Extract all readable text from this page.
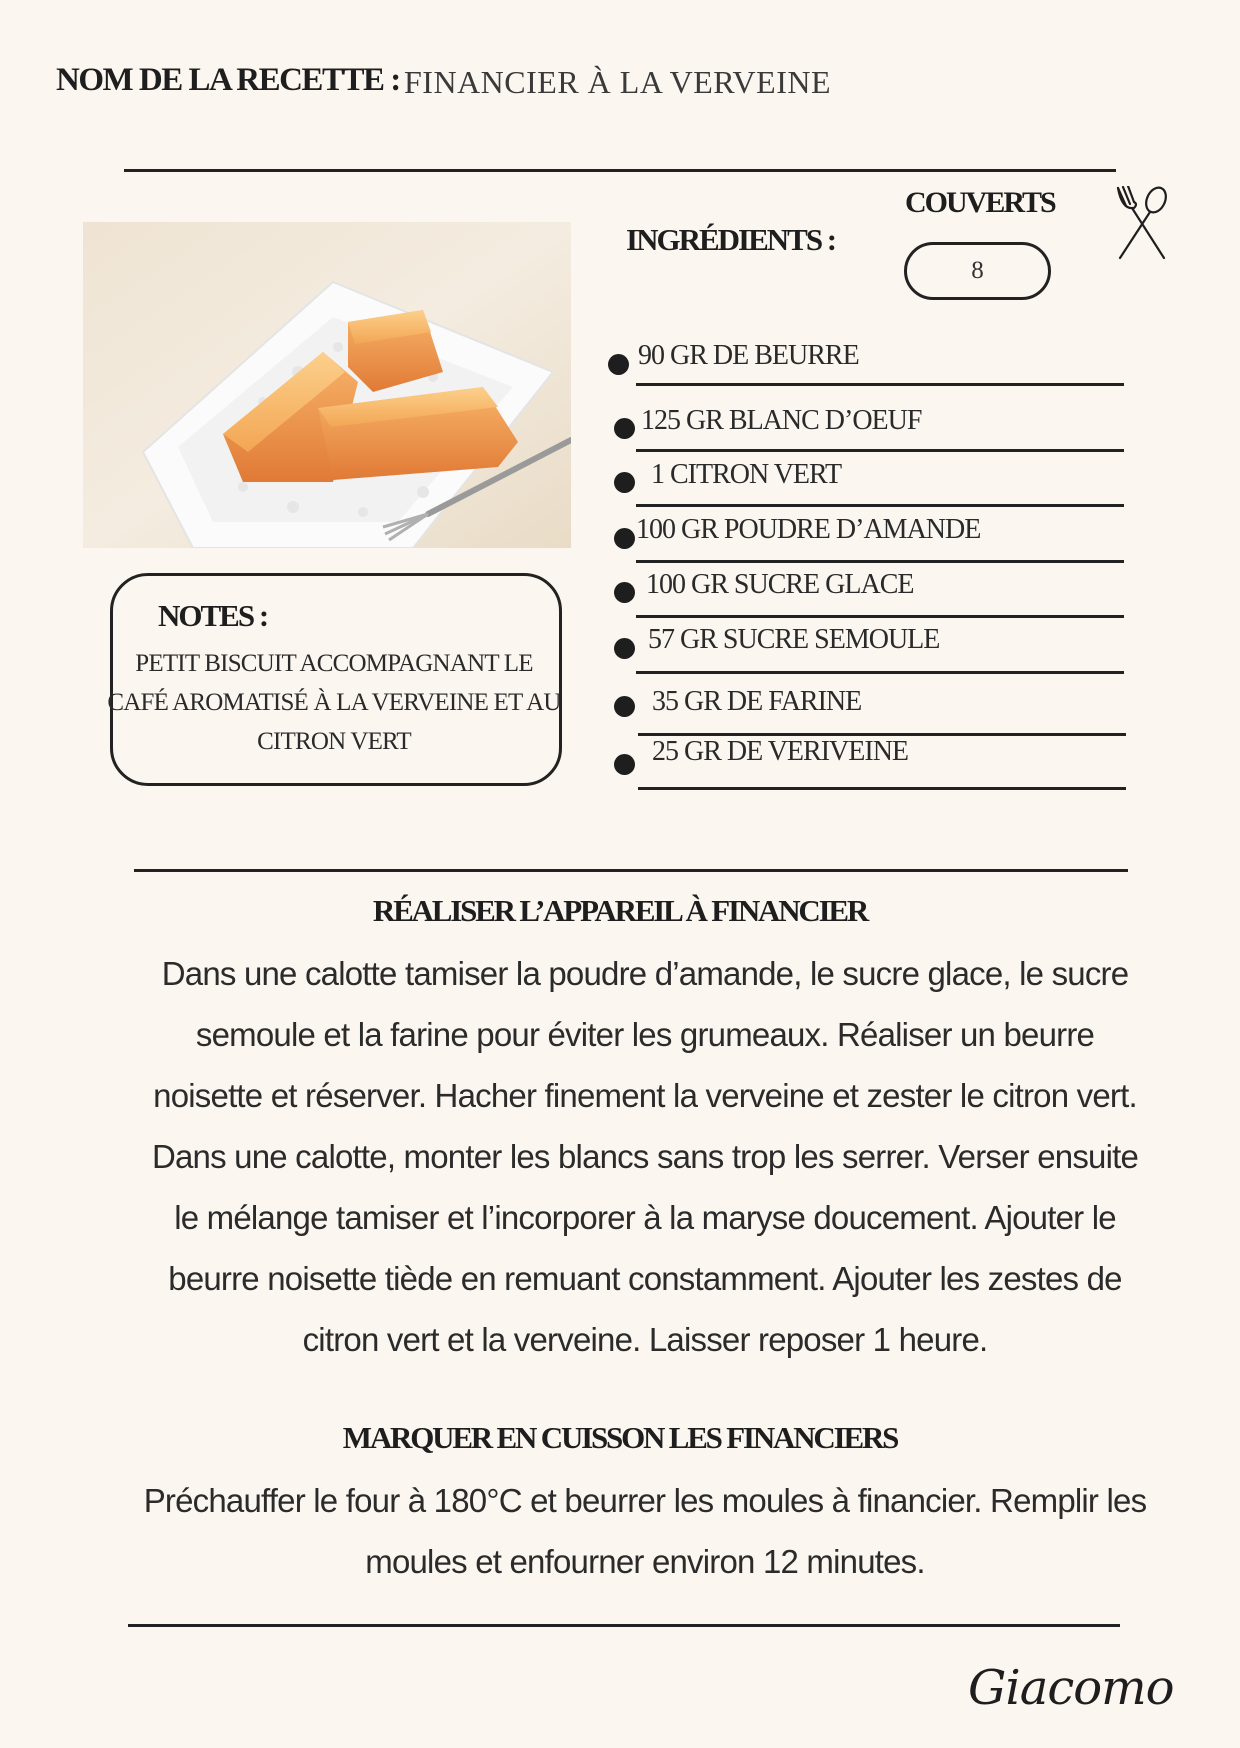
NOM DE LA RECETTE : FINANCIER À LA VERVEINE
NOTES :
PETIT BISCUIT ACCOMPAGNANT LE
CAFÉ AROMATISÉ À LA VERVEINE ET AU
CITRON VERT
INGRÉDIENTS :
COUVERTS
8
90 GR DE BEURRE
125 GR BLANC D’OEUF
1 CITRON VERT
100 GR POUDRE D’AMANDE
100 GR SUCRE GLACE
57 GR SUCRE SEMOULE
35 GR DE FARINE
25 GR DE VERIVEINE
RÉALISER L’APPAREIL À FINANCIER
Dans une calotte tamiser la poudre d’amande, le sucre glace, le sucre
semoule et la farine pour éviter les grumeaux. Réaliser un beurre
noisette et réserver. Hacher finement la verveine et zester le citron vert.
Dans une calotte, monter les blancs sans trop les serrer. Verser ensuite
le mélange tamiser et l’incorporer à la maryse doucement. Ajouter le
beurre noisette tiède en remuant constamment. Ajouter les zestes de
citron vert et la verveine. Laisser reposer 1 heure.
MARQUER EN CUISSON LES FINANCIERS
Préchauffer le four à 180°C et beurrer les moules à financier. Remplir les
moules et enfourner environ 12 minutes.
Giacomo
